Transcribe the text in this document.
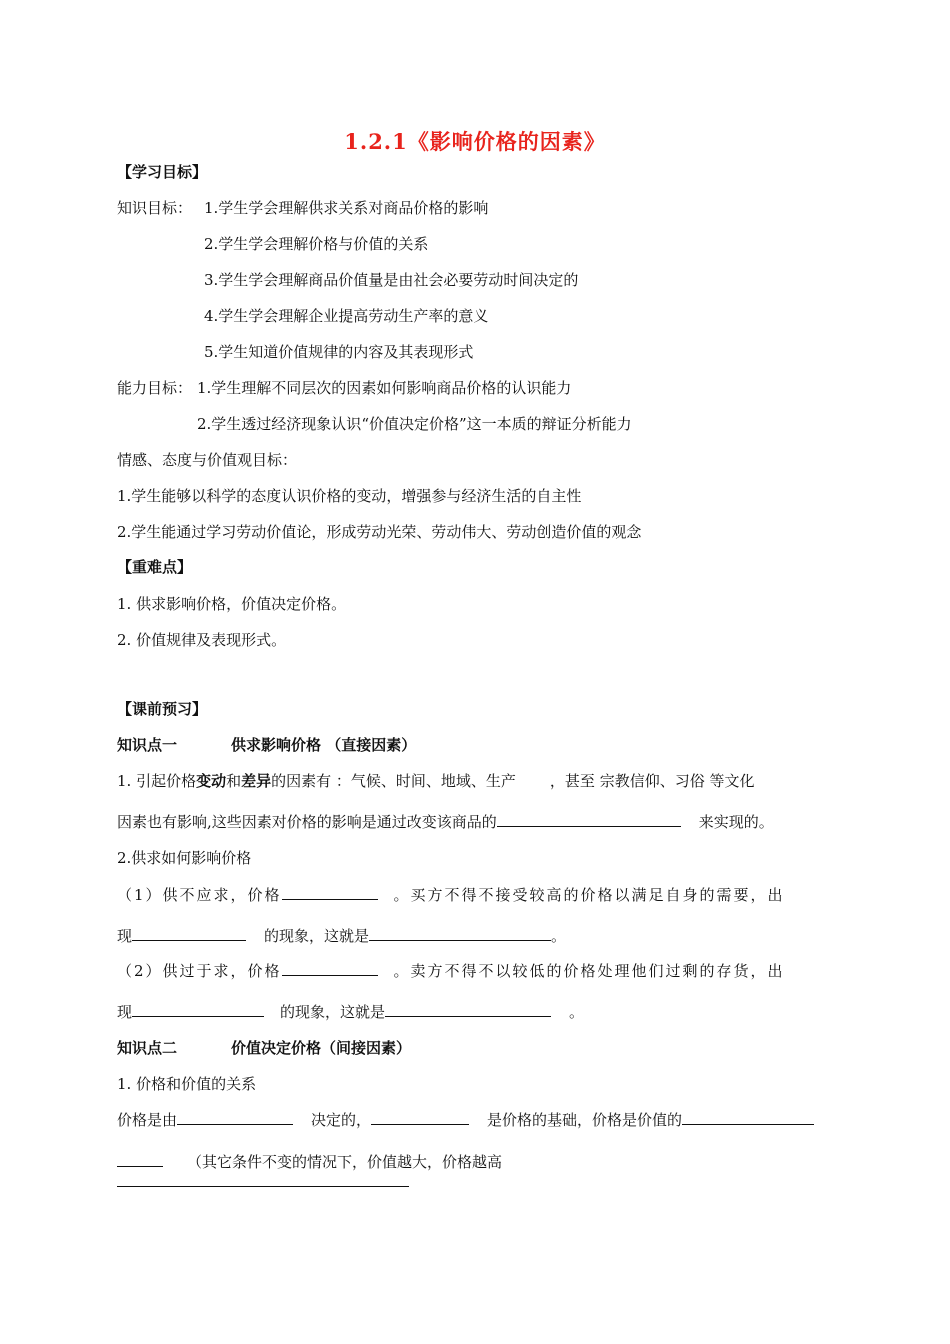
1.2.1《影响价格的因素》
【学习目标】
知识目标： 1.学生学会理解供求关系对商品价格的影响
2.学生学会理解价格与价值的关系
3.学生学会理解商品价值量是由社会必要劳动时间决定的
4.学生学会理解企业提高劳动生产率的意义
5.学生知道价值规律的内容及其表现形式
能力目标： 1.学生理解不同层次的因素如何影响商品价格的认识能力
2.学生透过经济现象认识“价值决定价格”这一本质的辩证分析能力
情感、态度与价值观目标：
1.学生能够以科学的态度认识价格的变动，增强参与经济生活的自主性
2.学生能通过学习劳动价值论，形成劳动光荣、劳动伟大、劳动创造价值的观念
【重难点】
1. 供求影响价格，价值决定价格。
2. 价值规律及表现形式。
【课前预习】
知识点一	供求影响价格 （直接因素）
1. 引起价格变动和差异的因素有 ：气候、时间、地域、生产 ，甚至 宗教信仰、习俗 等文化
因素也有影响,这些因素对价格的影响是通过改变该商品的	来实现的。
2.供求如何影响价格
（1）供不应求，价格	。买方不得不接受较高的价格以满足自身的需要，出
现	的现象，这就是	。
（2）供过于求，价格	。卖方不得不以较低的价格处理他们过剩的存货，出
现	的现象，这就是	。
知识点二	价值决定价格（间接因素）
1. 价格和价值的关系
价格是由	决定的，	是价格的基础，价格是价值的
（其它条件不变的情况下，价值越大，价格越高
